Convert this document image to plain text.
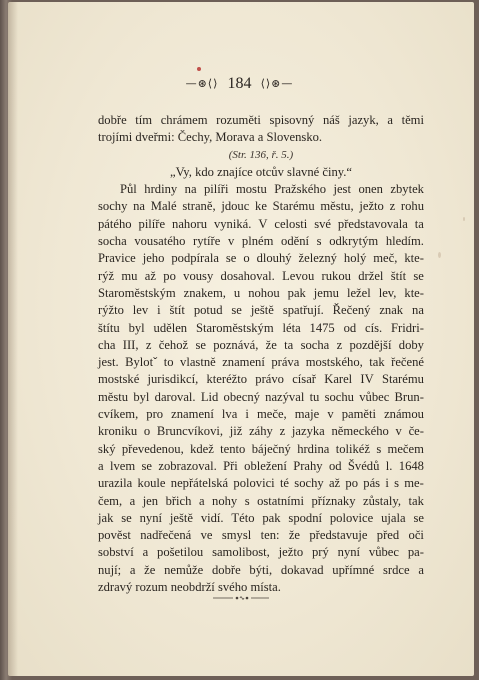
—⊛⟨⟩ 184 ⟨⟩⊛—
dobře tím chrámem rozuměti spisovný náš jazyk, a těmi
trojími dveřmi: Čechy, Morava a Slovensko.
(Str. 136, ř. 5.)
„Vy, kdo znajíce otcův slavné činy.“
Půl hrdiny na pilíři mostu Pražského jest onen zbytek
sochy na Malé straně, jdouc ke Starému městu, ježto z rohu
pátého pilíře nahoru vyniká. V celosti své představovala ta
socha vousatého rytíře v plném odění s odkrytým hledím.
Pravice jeho podpírala se o dlouhý železný holý meč, kte-
rýž mu až po vousy dosahoval. Levou rukou držel štít se
Staroměstským znakem, u nohou pak jemu ležel lev, kte-
rýžto lev i štít potud se ještě spatřují. Řečený znak na
štítu byl udělen Staroměstským léta 1475 od cís. Fridri-
cha III, z čehož se poznává, že ta socha z pozdější doby
jest. Bylotˇ to vlastně znamení práva mostského, tak řečené
mostské jurisdikcí, kteréžto právo císař Karel IV Starému
městu byl daroval. Lid obecný nazýval tu sochu vůbec Brun-
cvíkem, pro znamení lva i meče, maje v paměti známou
kroniku o Bruncvíkovi, již záhy z jazyka německého v če-
ský převedenou, kdež tento báječný hrdina tolikéž s mečem
a lvem se zobrazoval. Při obležení Prahy od Švédů l. 1648
urazila koule nepřátelská polovici té sochy až po pás i s me-
čem, a jen břich a nohy s ostatními příznaky zůstaly, tak
jak se nyní ještě vidí. Této pak spodní polovice ujala se
pověst nadřečená ve smysl ten: že představuje před oči
sobství a pošetilou samolibost, ježto prý nyní vůbec pa-
nují; a že nemůže dobře býti, dokavad upřímné srdce a
zdravý rozum neobdrží svého místa.
